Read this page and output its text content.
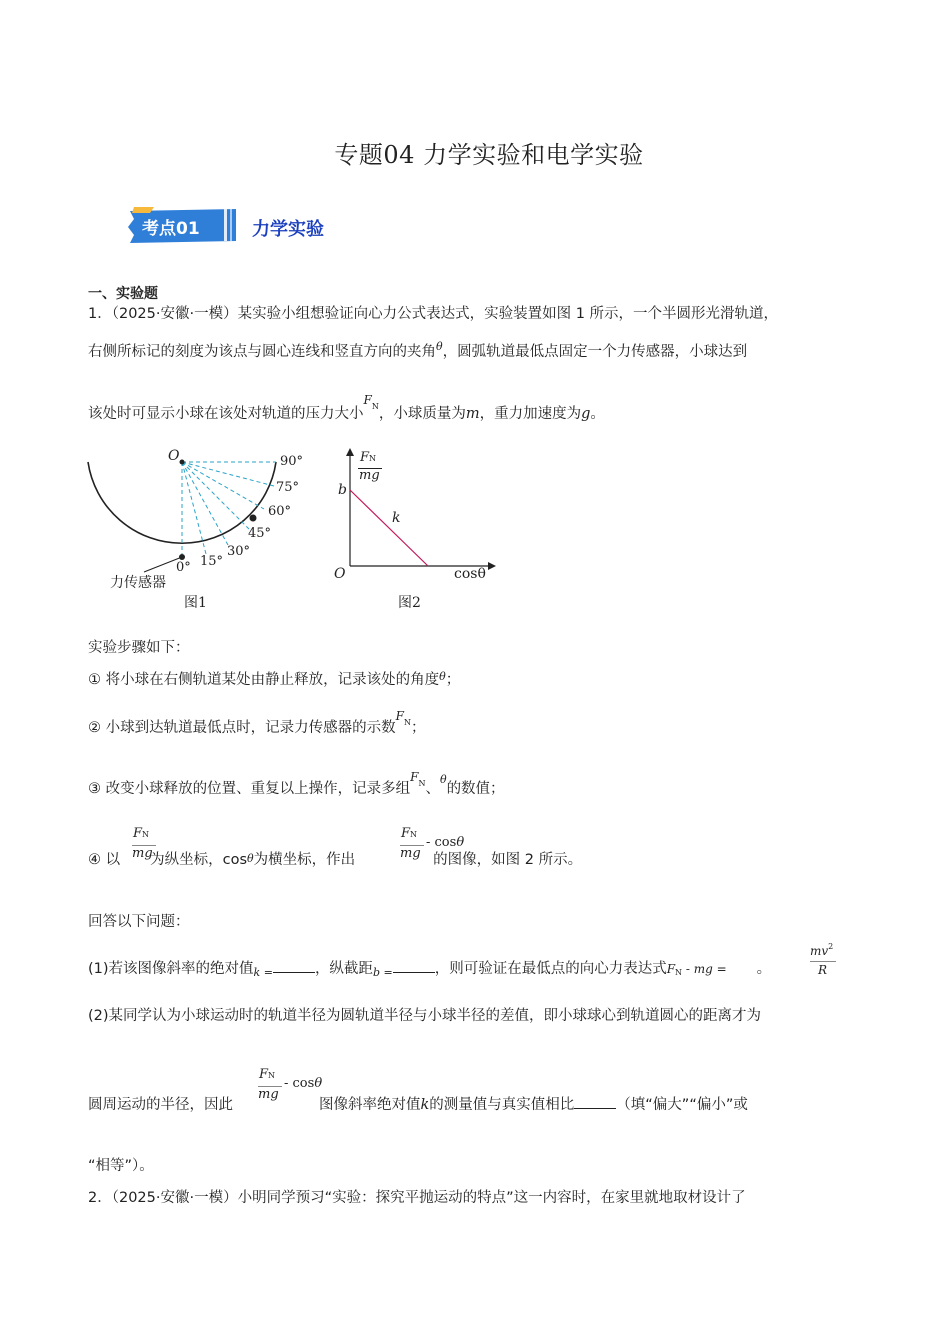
专题04 力学实验和电学实验
考点01	力学实验
一、实验题
1．（2025·安徽·一模）某实验小组想验证向心力公式表达式，实验装置如图 1 所示，一个半圆形光滑轨道，
右侧所标记的刻度为该点与圆心连线和竖直方向的夹角$^\theta$，圆弧轨道最低点固定一个力传感器，小球达到
该处时可显示小球在该处对轨道的压力大小$^{FN}$，小球质量为m，重力加速度为g。
O	90°
75°
60°
45°
30°
15°
0°
力传感器
图1
FN
mg
b
k
O	cosθ
图2
实验步骤如下：
① 将小球在右侧轨道某处由静止释放，记录该处的角度$^\theta$；
② 小球到达轨道最低点时，记录力传感器的示数$^{FN}$；
③ 改变小球释放的位置、重复以上操作，记录多组$^{FN}$、$^\theta$的数值；
④ 以 为纵坐标，cosθ为横坐标，作出	的图像，如图 2 所示。
FN
mg
FN
mg
- cosθ
回答以下问题：
(1)若该图像斜率的绝对值$_{k =}$	，纵截距$_{b =}$	，则可验证在最低点的向心力表达式FN - mg = 。
$mv^2$
R
(2)某同学认为小球运动时的轨道半径为圆轨道半径与小球半径的差值，即小球球心到轨道圆心的距离才为
圆周运动的半径，因此	图像斜率绝对值k的测量值与真实值相比	（填“偏大”“偏小”或
FN
mg
- cosθ
“相等”）。
2．（2025·安徽·一模）小明同学预习“实验：探究平抛运动的特点”这一内容时，在家里就地取材设计了
